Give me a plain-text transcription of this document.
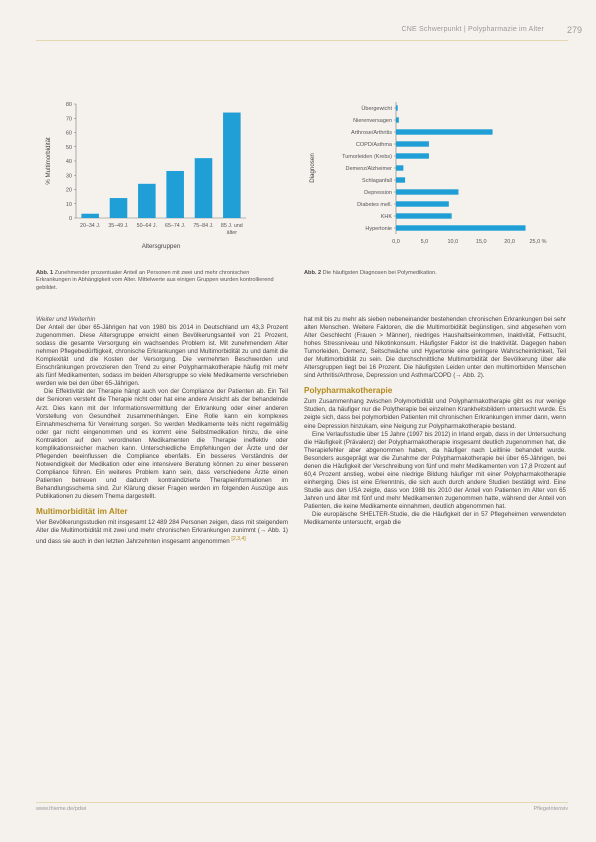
CNE Schwerpunkt | Polypharmazie im Alter	279
0
10
20
30
40
50
60
70
80
20–34 J. 35–49 J. 50–64 J. 65–74 J. 75–84 J. 85 J. und
älter
Altersgruppen
% Multimorbidität
Übergewicht
Nierenversagen
Arthrose/Arthritis
COPD/Asthma
Tumorleiden (Krebs)
Demenz/Alzheimer
Schlaganfall
Depression
Diabetes mell.
KHK
Hypertonie
0,0	5,0	10,0	15,0	20,0	25,0 %
Diagnosen
Abb. 1 Zunehmender prozentualer Anteil an Personen mit zwei und mehr chronischen Erkrankungen in Abhängigkeit vom Alter. Mittelwerte aus einigen Gruppen wurden kontrollierend gebildet.
Abb. 2 Die häufigsten Diagnosen bei Polymedikation.

Weiter und Weiterhin

Der Anteil der über 65-Jährigen hat von 1980 bis 2014 in Deutschland um 43,3 Prozent zugenommen. Diese Altersgruppe erreicht einen Bevölkerungsanteil von 21 Prozent, sodass die gesamte Versorgung ein wachsendes Problem ist. Mit zunehmendem Alter nehmen Pflegebedürftigkeit, chronische Erkrankungen und Multimorbidität zu und damit die Komplexität und die Kosten der Versorgung. Die vermehrten Beschwerden und Einschränkungen provozieren den Trend zu einer Polypharmakotherapie häufig mit mehr als fünf Medikamenten, sodass im beiden Altersgruppe so viele Medikamente verschrieben werden wie bei den über 65-Jährigen.

Die Effektivität der Therapie hängt auch von der Compliance der Patienten ab. Ein Teil der Senioren versteht die Therapie nicht oder hat eine andere Ansicht als der behandelnde Arzt. Dies kann mit der Informationsvermittlung der Erkrankung oder einer anderen Vorstellung von Gesundheit zusammenhängen. Eine Rolle kann ein komplexes Einnahmeschema für Verwirrung sorgen. So werden Medikamente teils nicht regelmäßig oder gar nicht eingenommen und es kommt eine Selbstmedikation hinzu, die eine Kontraktion auf den verordneten Medikamenten die Therapie ineffektiv oder komplikationsreicher machen kann. Unterschiedliche Empfehlungen der Ärzte und der Pflegenden beeinflussen die Compliance ebenfalls. Ein besseres Verständnis der Notwendigkeit der Medikation oder eine intensivere Beratung können zu einer besseren Compliance führen. Ein weiteres Problem kann sein, dass verschiedene Ärzte einen Patienten betreuen und dadurch kontraindizierte Therapieinformationen im Behandlungsschema sind. Zur Klärung dieser Fragen werden im folgenden Auszüge aus Publikationen zu diesem Thema dargestellt.

Multimorbidität im Alter

Vier Bevölkerungsstudien mit insgesamt 12 489 284 Personen zeigen, dass mit steigendem Alter die Multimorbidität mit zwei und mehr chronischen Erkrankungen zunimmt (→ Abb. 1) und dass sie auch in den letzten Jahrzehnten insgesamt angenommen [2,3,4]

hat mit bis zu mehr als sieben nebeneinander bestehenden chronischen Erkrankungen bei sehr alten Menschen. Weitere Faktoren, die die Multimorbidität begünstigen, sind abgesehen vom Alter Geschlecht (Frauen > Männer), niedriges Haushaltseinkommen, Inaktivität, Fettsucht, hohes Stressniveau und Nikotinkonsum. Häufigster Faktor ist die Inaktivität. Dagegen haben Tumorleiden, Demenz, Seitschwäche und Hypertonie eine geringere Wahrscheinlichkeit, Teil der Multimorbidität zu sein. Die durchschnittliche Multimorbidität der Bevölkerung über alle Altersgruppen liegt bei 16 Prozent. Die häufigsten Leiden unter den multimorbiden Menschen sind Arthritis/Arthrose, Depression und Asthma/COPD (→ Abb. 2).

Polypharmakotherapie

Zum Zusammenhang zwischen Polymorbidität und Polypharmakotherapie gibt es nur wenige Studien, da häufiger nur die Polytherapie bei einzelnen Krankheitsbildern untersucht wurde. Es zeigte sich, dass bei polymorbiden Patienten mit chronischen Erkrankungen immer dann, wenn eine Depression hinzukam, eine Neigung zur Polypharmakotherapie bestand.

Eine Verlaufsstudie über 15 Jahre (1997 bis 2012) in Irland ergab, dass in der Untersuchung die Häufigkeit (Prävalenz) der Polypharmakotherapie insgesamt deutlich zugenommen hat, die Therapiefehler aber abgenommen haben, da häufiger nach Leitlinie behandelt wurde. Besonders ausgeprägt war die Zunahme der Polypharmakotherapie bei über 65-Jährigen, bei denen die Häufigkeit der Verschreibung von fünf und mehr Medikamenten von 17,8 Prozent auf 60,4 Prozent anstieg, wobei eine niedrige Bildung häufiger mit einer Polypharmakotherapie einherging. Dies ist eine Erkenntnis, die sich auch durch andere Studien bestätigt wird. Eine Studie aus den USA zeigte, dass von 1988 bis 2010 der Anteil von Patienten im Alter von 65 Jahren und älter mit fünf und mehr Medikamenten zugenommen hatte, während der Anteil von Patienten, die keine Medikamente einnahmen, deutlich abgenommen hat.

Die europäische SHELTER-Studie, die die Häufigkeit der in 57 Pflegeheimen verwendeten Medikamente untersucht, ergab die

www.thieme.de/pdwi	PflegeIntensiv
